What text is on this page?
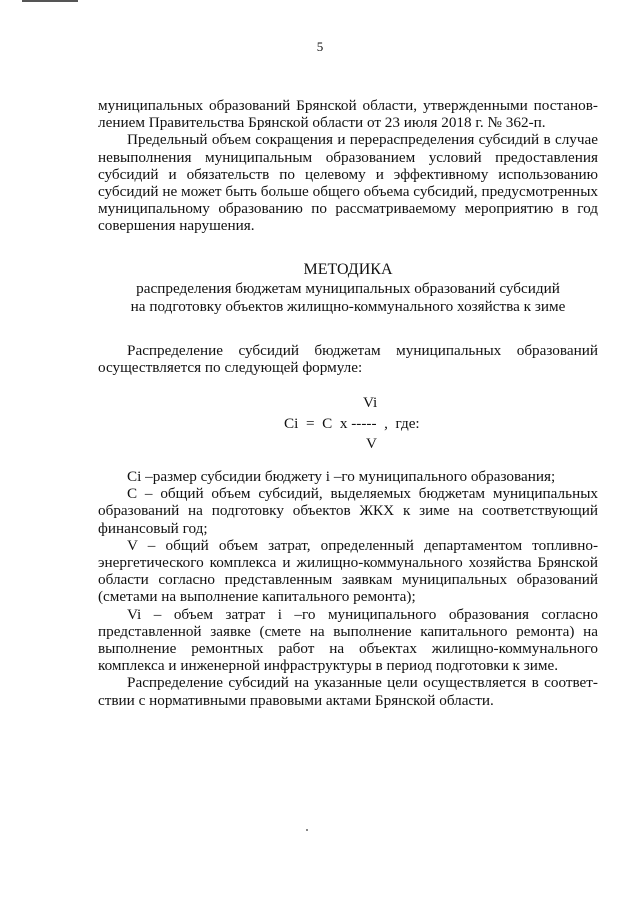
5

муниципальных образований Брянской области, утвержденными постанов-лением Правительства Брянской области от 23 июля 2018 г. № 362-п.

Предельный объем сокращения и перераспределения субсидий в случае невыполнения муниципальным образованием условий предоставления субсидий и обязательств по целевому и эффективному использованию субсидий не может быть больше общего объема субсидий, предусмотренных муниципальному образованию по рассматриваемому мероприятию в год совершения нарушения.

МЕТОДИКА
распределения бюджетам муниципальных образований субсидий
на подготовку объектов жилищно-коммунального хозяйства к зиме

Распределение субсидий бюджетам муниципальных образований осуществляется по следующей формуле:

Vi
Ci  =  C  х -----  ,  где:
V

Ci –размер субсидии бюджету i –го муниципального образования;

С – общий объем субсидий, выделяемых бюджетам муниципальных образований на подготовку объектов ЖКХ к зиме на соответствующий финансовый год;

V – общий объем затрат, определенный департаментом топливно-энергетического комплекса и жилищно-коммунального хозяйства Брянской области согласно представленным заявкам муниципальных образований (сметами на выполнение капитального ремонта);

Vi – объем затрат i –го муниципального образования согласно представленной заявке (смете на выполнение капитального ремонта) на выполнение ремонтных работ на объектах жилищно-коммунального комплекса и инженерной инфраструктуры в период подготовки к зиме.

Распределение субсидий на указанные цели осуществляется в соответ-ствии с нормативными правовыми актами Брянской области.
